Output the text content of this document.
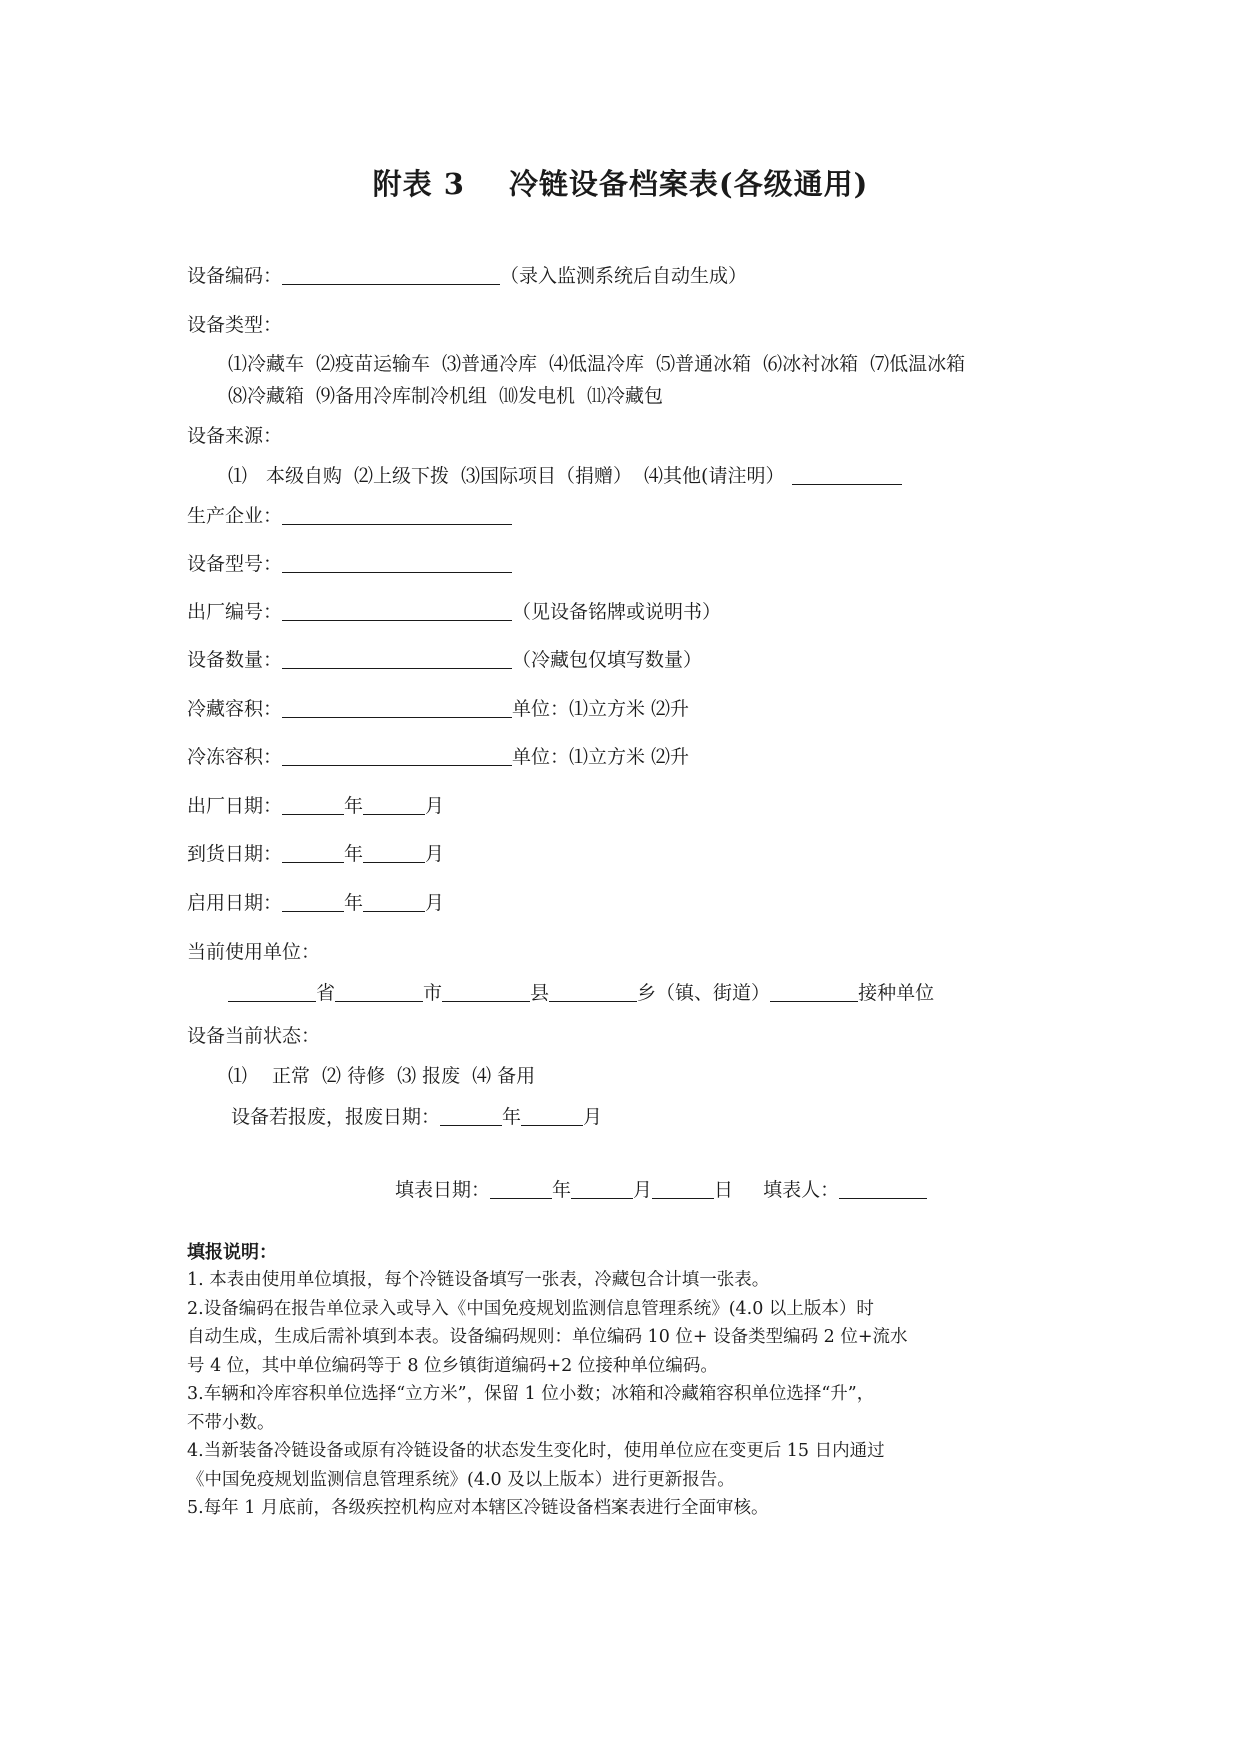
附表 3 冷链设备档案表(各级通用)
设备编码：	（录入监测系统后自动生成）
设备类型：
⑴冷藏车 ⑵疫苗运输车 ⑶普通冷库 ⑷低温冷库 ⑸普通冰箱 ⑹冰衬冰箱 ⑺低温冰箱
⑻冷藏箱 ⑼备用冷库制冷机组 ⑽发电机 ⑾冷藏包
设备来源：
⑴　本级自购 ⑵上级下拨 ⑶国际项目（捐赠） ⑷其他(请注明）
生产企业：
设备型号：
出厂编号：	（见设备铭牌或说明书）
设备数量：	（冷藏包仅填写数量）
冷藏容积：	单位：⑴立方米 ⑵升
冷冻容积：	单位：⑴立方米 ⑵升
出厂日期：	年	月
到货日期：	年	月
启用日期：	年	月
当前使用单位：
省	市	县	乡（镇、街道）	接种单位
设备当前状态：
⑴　 正常 ⑵ 待修 ⑶ 报废 ⑷ 备用
设备若报废，报废日期：	年	月
填表日期：	年	月	日 填表人：
填报说明：

1. 本表由使用单位填报，每个冷链设备填写一张表，冷藏包合计填一张表。

2.设备编码在报告单位录入或导入《中国免疫规划监测信息管理系统》(4.0 以上版本）时

自动生成，生成后需补填到本表。设备编码规则：单位编码 10 位+ 设备类型编码 2 位+流水

号 4 位，其中单位编码等于 8 位乡镇街道编码+2 位接种单位编码。

3.车辆和冷库容积单位选择“立方米”，保留 1 位小数；冰箱和冷藏箱容积单位选择“升”，

不带小数。

4.当新装备冷链设备或原有冷链设备的状态发生变化时，使用单位应在变更后 15 日内通过

《中国免疫规划监测信息管理系统》(4.0 及以上版本）进行更新报告。

5.每年 1 月底前，各级疾控机构应对本辖区冷链设备档案表进行全面审核。
